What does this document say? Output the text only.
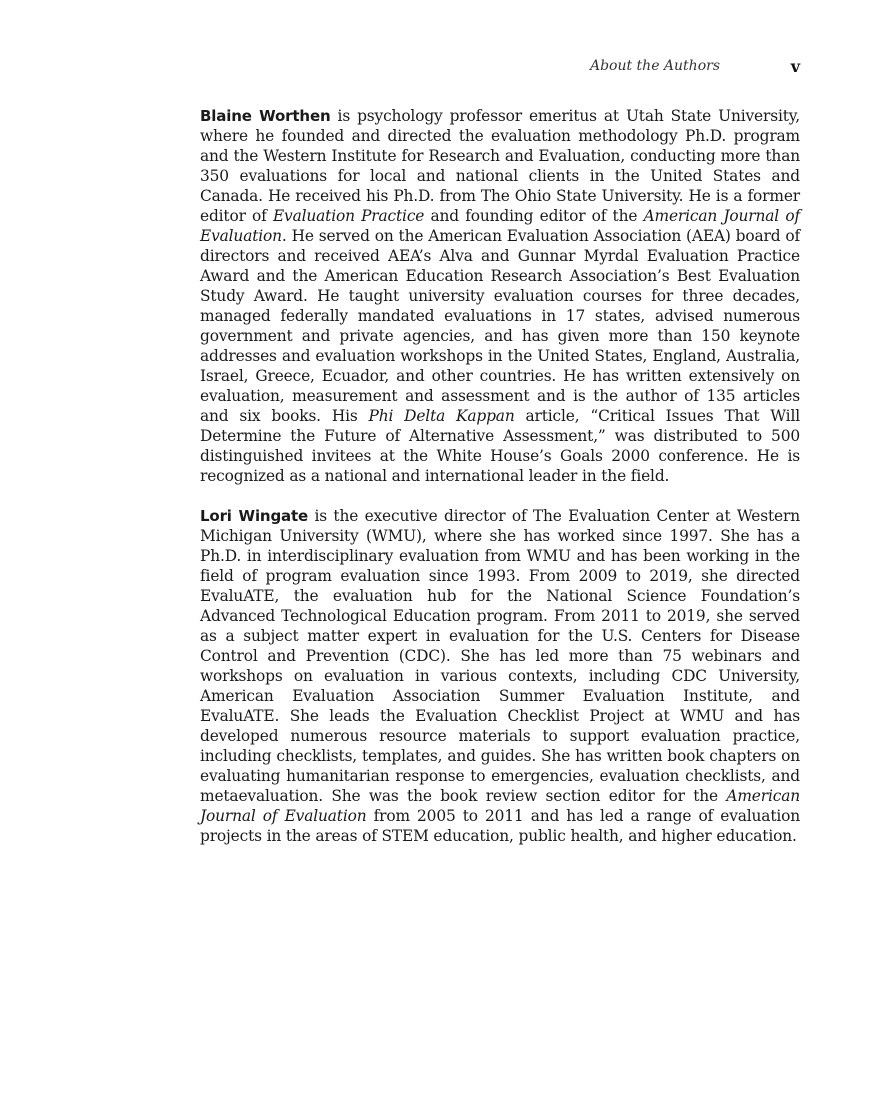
About the Authors	v

Blaine Worthen is psychology professor emeritus at Utah State University, where he founded and directed the evaluation methodology Ph.D. program and the Western Institute for Research and Evaluation, conducting more than 350 evaluations for local and national clients in the United States and Canada. He received his Ph.D. from The Ohio State University. He is a former editor of Evaluation Practice and founding editor of the American Journal of Evaluation. He served on the American Evaluation Association (AEA) board of directors and received AEA’s Alva and Gunnar Myrdal Evaluation Practice Award and the American Education Research Association’s Best Evaluation Study Award. He taught university evaluation courses for three decades, managed federally mandated evaluations in 17 states, advised numerous government and private agencies, and has given more than 150 keynote addresses and evaluation workshops in the United States, England, Australia, Israel, Greece, Ecuador, and other countries. He has written extensively on evaluation, measurement and assessment and is the author of 135 articles and six books. His Phi Delta Kappan article, “Critical Issues That Will Determine the Future of Alternative Assessment,” was distributed to 500 distinguished invitees at the White House’s Goals 2000 conference. He is recognized as a national and international leader in the field.

Lori Wingate is the executive director of The Evaluation Center at Western Michigan University (WMU), where she has worked since 1997. She has a Ph.D. in interdisciplinary evaluation from WMU and has been working in the field of program evaluation since 1993. From 2009 to 2019, she directed EvaluATE, the evaluation hub for the National Science Foundation’s Advanced Technological Education program. From 2011 to 2019, she served as a subject matter expert in evaluation for the U.S. Centers for Disease Control and Prevention (CDC). She has led more than 75 webinars and workshops on evaluation in various contexts, including CDC University, American Evaluation Association Summer Evaluation Institute, and EvaluATE. She leads the Evaluation Checklist Project at WMU and has developed numerous resource materials to support evaluation practice, including checklists, templates, and guides. She has written book chapters on evaluating humanitarian response to emergencies, evaluation checklists, and metaevaluation. She was the book review section editor for the American Journal of Evaluation from 2005 to 2011 and has led a range of evaluation projects in the areas of STEM education, public health, and higher education.
